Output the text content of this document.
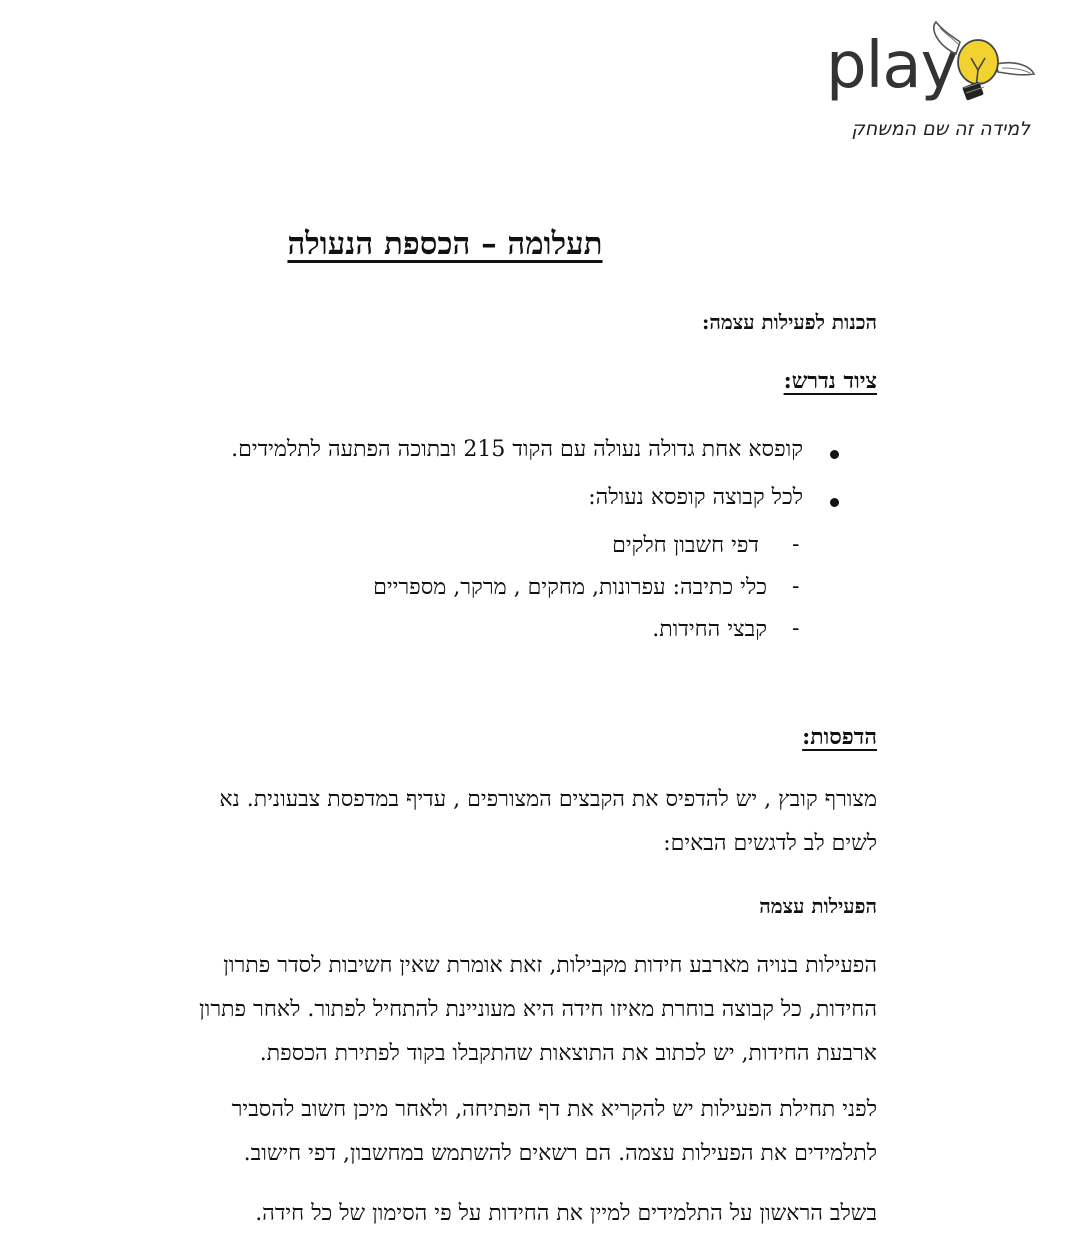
play
למידה זה שם המשחק
תעלומה – הכספת הנעולה
הכנות לפעילות עצמה:
ציוד נדרש:
קופסא אחת גדולה נעולה עם הקוד 215 ובתוכה הפתעה לתלמידים.
לכל קבוצה קופסא נעולה:
-
דפי חשבון חלקים
-
כלי כתיבה: עפרונות, מחקים , מרקר, מספריים
-
קבצי החידות.
הדפסות:
מצורף קובץ , יש להדפיס את הקבצים המצורפים , עדיף במדפסת צבעונית. נא
לשים לב לדגשים הבאים:
הפעילות עצמה
הפעילות בנויה מארבע חידות מקבילות, זאת אומרת שאין חשיבות לסדר פתרון
החידות, כל קבוצה בוחרת מאיזו חידה היא מעוניינת להתחיל לפתור. לאחר פתרון
ארבעת החידות, יש לכתוב את התוצאות שהתקבלו בקוד לפתירת הכספת.
לפני תחילת הפעילות יש להקריא את דף הפתיחה, ולאחר מיכן חשוב להסביר
לתלמידים את הפעילות עצמה. הם רשאים להשתמש במחשבון, דפי חישוב.
בשלב הראשון על התלמידים למיין את החידות על פי הסימון של כל חידה.
